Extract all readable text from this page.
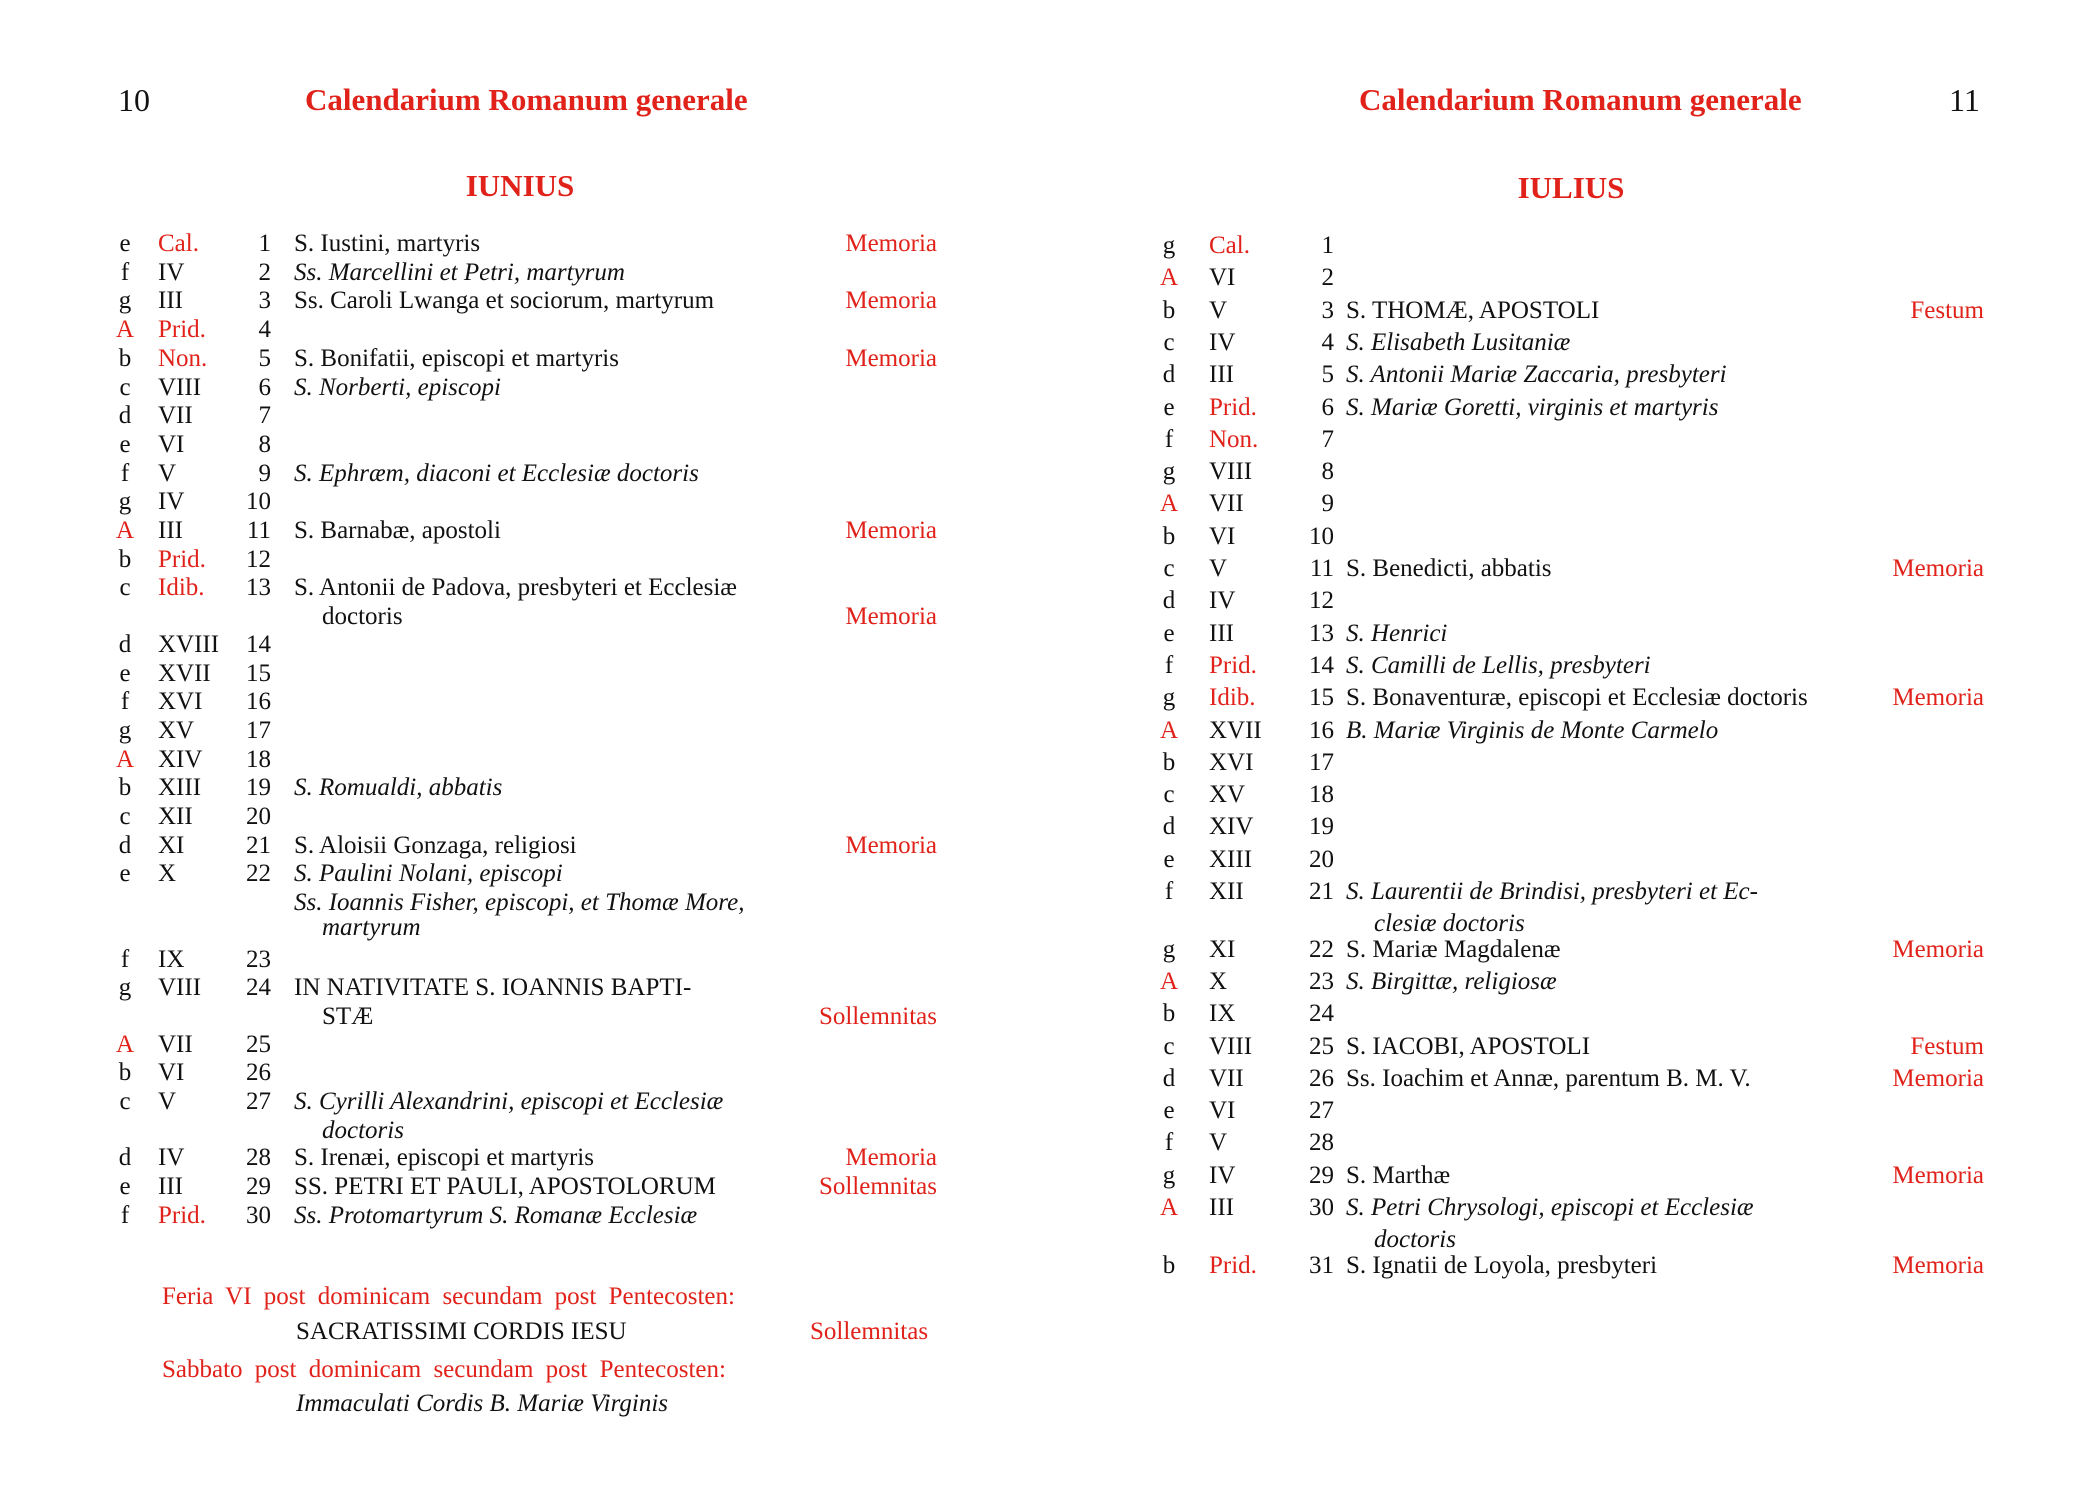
10	Calendarium Romanum generale
IUNIUS
e Cal.	1 S. Iustini, martyris	Memoria
f	IV	2 Ss. Marcellini et Petri, martyrum
g III	3 Ss. Caroli Lwanga et sociorum, martyrum	Memoria
A Prid.	4
b Non.	5 S. Bonifatii, episcopi et martyris	Memoria
c VIII	6 S. Norberti, episcopi
d VII	7
e VI	8
f	V	9 S. Ephræm, diaconi et Ecclesiæ doctoris
g IV	10
A III	11 S. Barnabæ, apostoli	Memoria
b Prid.	12
c Idib.	13 S. Antonii de Padova, presbyteri et Ecclesiæ
doctoris	Memoria
d XVIII	14
e XVII	15
f	XVI	16
g XV	17
A XIV	18
b XIII	19 S. Romualdi, abbatis
c XII	20
d XI	21 S. Aloisii Gonzaga, religiosi	Memoria
e X	22 S. Paulini Nolani, episcopi
Ss. Ioannis Fisher, episcopi, et Thomæ More,
martyrum
f	IX	23
g VIII	24 IN NATIVITATE S. IOANNIS BAPTI-
STÆ	Sollemnitas
A VII	25
b VI	26
c V	27 S. Cyrilli Alexandrini, episcopi et Ecclesiæ
doctoris
d IV	28 S. Irenæi, episcopi et martyris	Memoria
e III	29 SS. PETRI ET PAULI, APOSTOLORUM	Sollemnitas
f	Prid.	30 Ss. Protomartyrum S. Romanæ Ecclesiæ
Feria VI post dominicam secundam post Pentecosten:
SACRATISSIMI CORDIS IESU	Sollemnitas
Sabbato post dominicam secundam post Pentecosten:
Immaculati Cordis B. Mariæ Virginis
Calendarium Romanum generale	11
IULIUS
g Cal.	1
A VI	2
b V	3 S. THOMÆ, APOSTOLI	Festum
c IV	4 S. Elisabeth Lusitaniæ
d III	5 S. Antonii Mariæ Zaccaria, presbyteri
e Prid.	6 S. Mariæ Goretti, virginis et martyris
f	Non.	7
g VIII	8
A VII	9
b VI	10
c V	11 S. Benedicti, abbatis	Memoria
d IV	12
e III	13 S. Henrici
f	Prid.	14 S. Camilli de Lellis, presbyteri
g Idib.	15 S. Bonaventuræ, episcopi et Ecclesiæ doctoris	Memoria
A XVII	16 B. Mariæ Virginis de Monte Carmelo
b XVI	17
c XV	18
d XIV	19
e XIII	20
f	XII	21 S. Laurentii de Brindisi, presbyteri et Ec-
clesiæ doctoris
g XI	22 S. Mariæ Magdalenæ	Memoria
A X	23 S. Birgittæ, religiosæ
b IX	24
c VIII	25 S. IACOBI, APOSTOLI	Festum
d VII	26 Ss. Ioachim et Annæ, parentum B. M. V.	Memoria
e VI	27
f	V	28
g IV	29 S. Marthæ	Memoria
A III	30 S. Petri Chrysologi, episcopi et Ecclesiæ
doctoris
b Prid.	31 S. Ignatii de Loyola, presbyteri	Memoria
